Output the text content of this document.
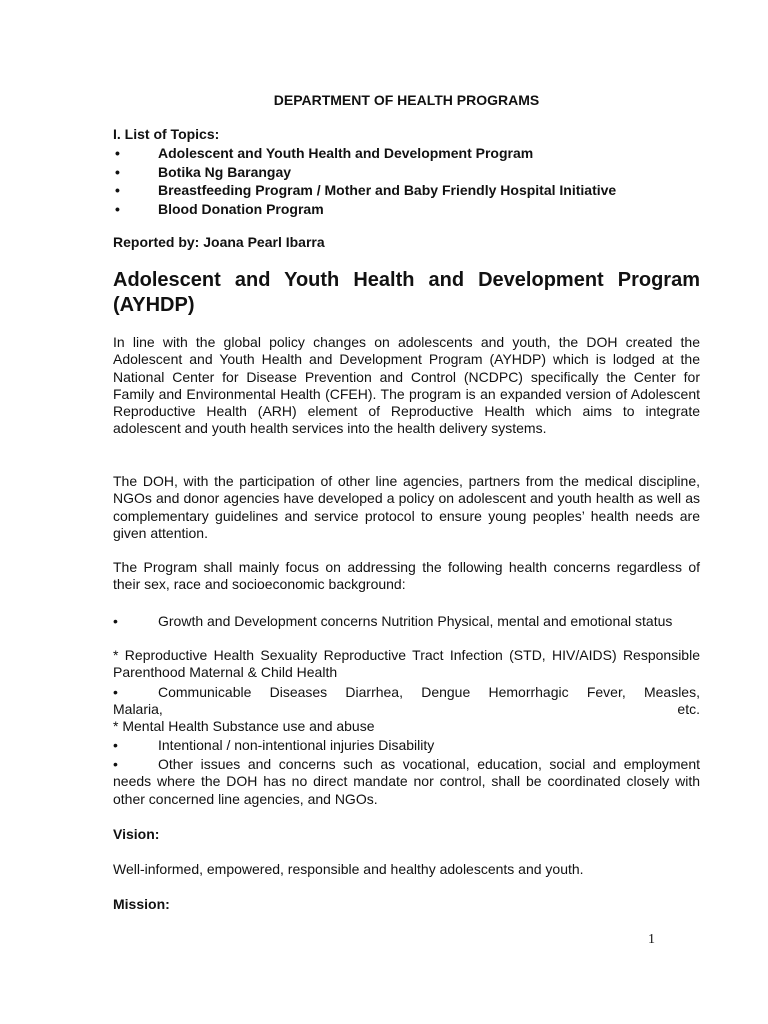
DEPARTMENT OF HEALTH PROGRAMS
I. List of Topics:
•	Adolescent and Youth Health and Development Program
•	Botika Ng Barangay
•	Breastfeeding Program / Mother and Baby Friendly Hospital Initiative
•	Blood Donation Program
Reported by: Joana Pearl Ibarra
Adolescent and Youth Health and Development Program (AYHDP)
In line with the global policy changes on adolescents and youth, the DOH created the Adolescent and Youth Health and Development Program (AYHDP) which is lodged at the National Center for Disease Prevention and Control (NCDPC) specifically the Center for Family and Environmental Health (CFEH). The program is an expanded version of Adolescent Reproductive Health (ARH) element of Reproductive Health which aims to integrate adolescent and youth health services into the health delivery systems.
The DOH, with the participation of other line agencies, partners from the medical discipline, NGOs and donor agencies have developed a policy on adolescent and youth health as well as complementary guidelines and service protocol to ensure young peoples’ health needs are given attention.
The Program shall mainly focus on addressing the following health concerns regardless of their sex, race and socioeconomic background:
•	Growth and Development concerns Nutrition Physical, mental and emotional status
* Reproductive Health Sexuality Reproductive Tract Infection (STD, HIV/AIDS) Responsible Parenthood Maternal & Child Health
•	Communicable Diseases Diarrhea, Dengue Hemorrhagic Fever, Measles,
Malaria,	etc.
* Mental Health Substance use and abuse
•	Intentional / non-intentional injuries Disability
•	Other issues and concerns such as vocational, education, social and employment needs where the DOH has no direct mandate nor control, shall be coordinated closely with other concerned line agencies, and NGOs.
Vision:
Well-informed, empowered, responsible and healthy adolescents and youth.
Mission:
1
